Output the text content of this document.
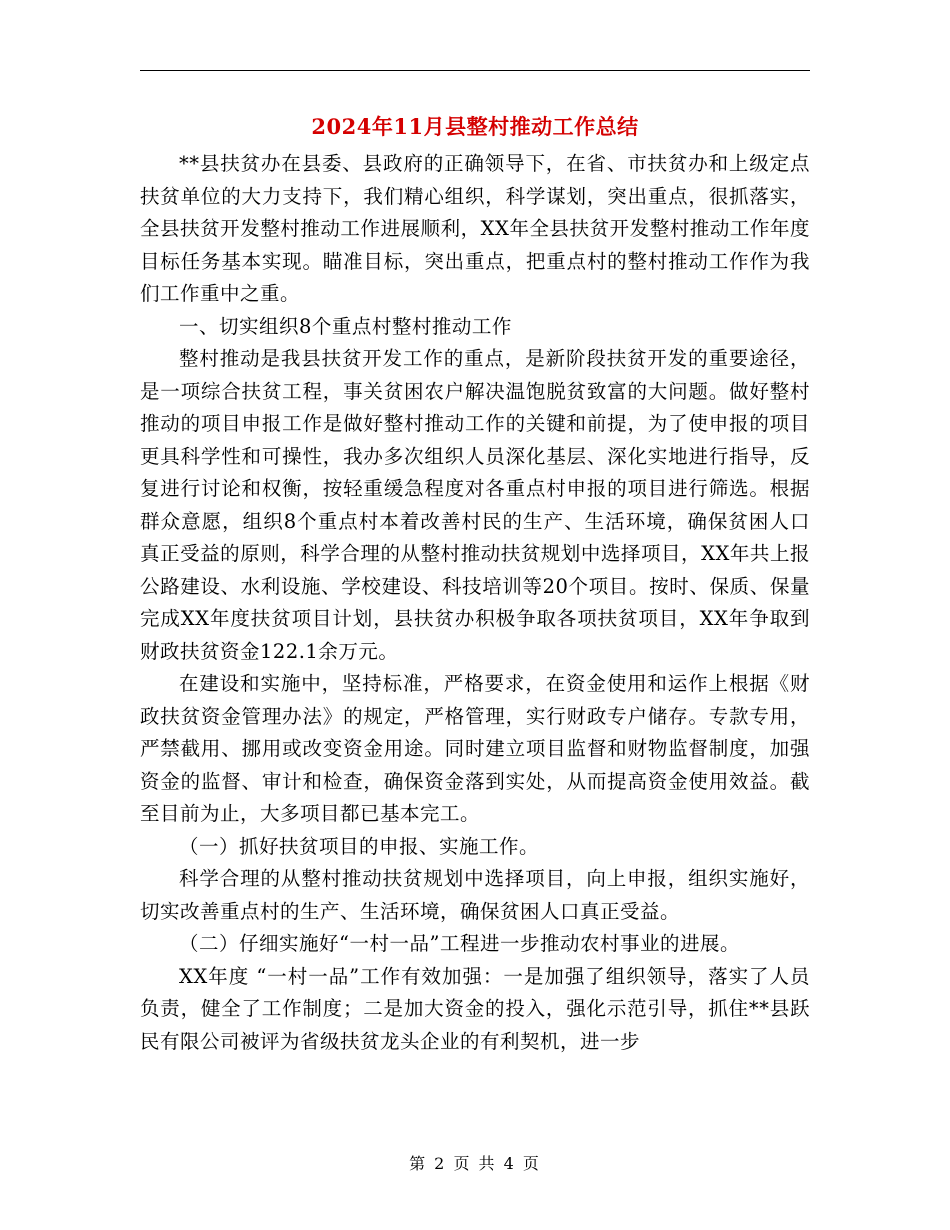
2024年11月县整村推动工作总结

**县扶贫办在县委、县政府的正确领导下，在省、市扶贫办和上级定点扶贫单位的大力支持下，我们精心组织，科学谋划，突出重点，很抓落实，全县扶贫开发整村推动工作进展顺利，XX年全县扶贫开发整村推动工作年度目标任务基本实现。瞄准目标，突出重点，把重点村的整村推动工作作为我们工作重中之重。

一、切实组织8个重点村整村推动工作

整村推动是我县扶贫开发工作的重点，是新阶段扶贫开发的重要途径，是一项综合扶贫工程，事关贫困农户解决温饱脱贫致富的大问题。做好整村推动的项目申报工作是做好整村推动工作的关键和前提，为了使申报的项目更具科学性和可操性，我办多次组织人员深化基层、深化实地进行指导，反复进行讨论和权衡，按轻重缓急程度对各重点村申报的项目进行筛选。根据群众意愿，组织8个重点村本着改善村民的生产、生活环境，确保贫困人口真正受益的原则，科学合理的从整村推动扶贫规划中选择项目，XX年共上报公路建设、水利设施、学校建设、科技培训等20个项目。按时、保质、保量完成XX年度扶贫项目计划，县扶贫办积极争取各项扶贫项目，XX年争取到财政扶贫资金122.1余万元。

在建设和实施中，坚持标准，严格要求，在资金使用和运作上根据《财政扶贫资金管理办法》的规定，严格管理，实行财政专户储存。专款专用，严禁截用、挪用或改变资金用途。同时建立项目监督和财物监督制度，加强资金的监督、审计和检查，确保资金落到实处，从而提高资金使用效益。截至目前为止，大多项目都已基本完工。

（一）抓好扶贫项目的申报、实施工作。

科学合理的从整村推动扶贫规划中选择项目，向上申报，组织实施好，切实改善重点村的生产、生活环境，确保贫困人口真正受益。

（二）仔细实施好“一村一品”工程进一步推动农村事业的进展。

XX年度 “一村一品”工作有效加强：一是加强了组织领导，落实了人员负责，健全了工作制度；二是加大资金的投入，强化示范引导，抓住**县跃民有限公司被评为省级扶贫龙头企业的有利契机，进一步

第 2 页 共 4 页
